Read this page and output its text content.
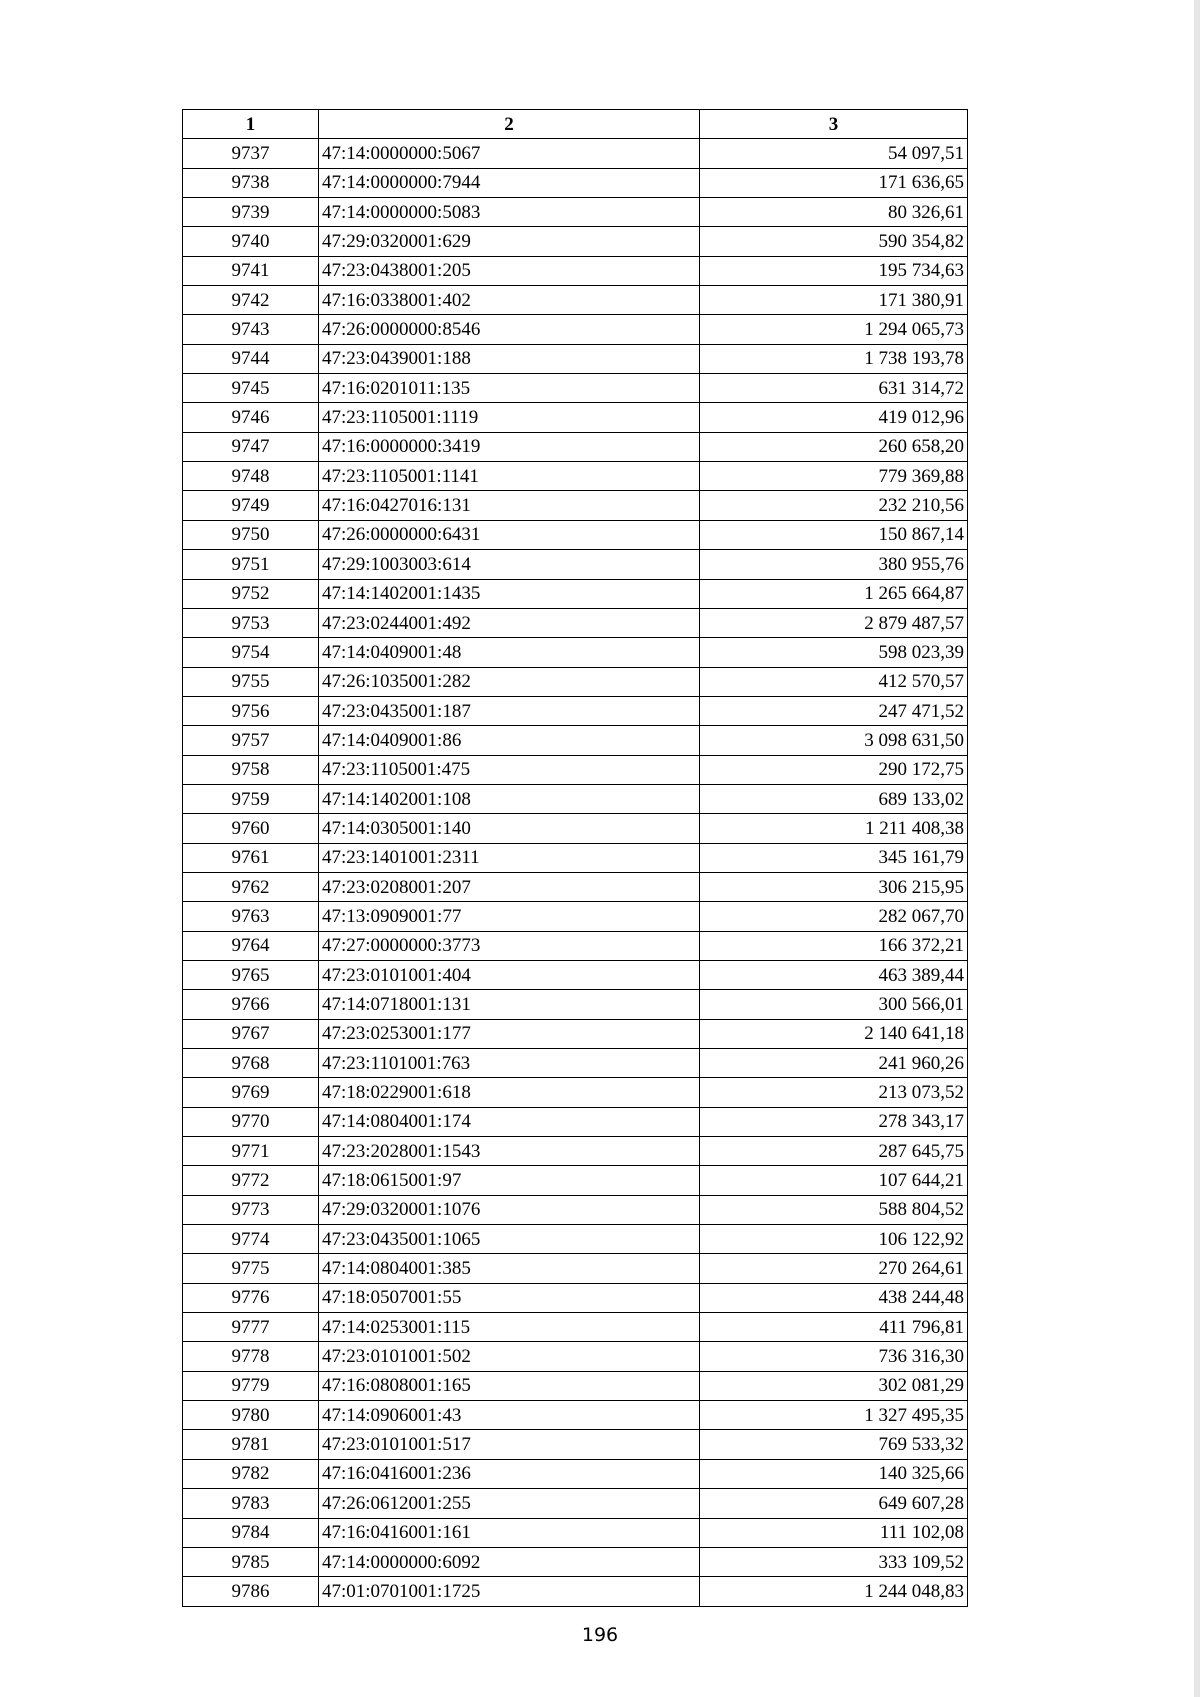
1	2	3
9737	47:14:0000000:5067	54 097,51
9738	47:14:0000000:7944	171 636,65
9739	47:14:0000000:5083	80 326,61
9740	47:29:0320001:629	590 354,82
9741	47:23:0438001:205	195 734,63
9742	47:16:0338001:402	171 380,91
9743	47:26:0000000:8546	1 294 065,73
9744	47:23:0439001:188	1 738 193,78
9745	47:16:0201011:135	631 314,72
9746	47:23:1105001:1119	419 012,96
9747	47:16:0000000:3419	260 658,20
9748	47:23:1105001:1141	779 369,88
9749	47:16:0427016:131	232 210,56
9750	47:26:0000000:6431	150 867,14
9751	47:29:1003003:614	380 955,76
9752	47:14:1402001:1435	1 265 664,87
9753	47:23:0244001:492	2 879 487,57
9754	47:14:0409001:48	598 023,39
9755	47:26:1035001:282	412 570,57
9756	47:23:0435001:187	247 471,52
9757	47:14:0409001:86	3 098 631,50
9758	47:23:1105001:475	290 172,75
9759	47:14:1402001:108	689 133,02
9760	47:14:0305001:140	1 211 408,38
9761	47:23:1401001:2311	345 161,79
9762	47:23:0208001:207	306 215,95
9763	47:13:0909001:77	282 067,70
9764	47:27:0000000:3773	166 372,21
9765	47:23:0101001:404	463 389,44
9766	47:14:0718001:131	300 566,01
9767	47:23:0253001:177	2 140 641,18
9768	47:23:1101001:763	241 960,26
9769	47:18:0229001:618	213 073,52
9770	47:14:0804001:174	278 343,17
9771	47:23:2028001:1543	287 645,75
9772	47:18:0615001:97	107 644,21
9773	47:29:0320001:1076	588 804,52
9774	47:23:0435001:1065	106 122,92
9775	47:14:0804001:385	270 264,61
9776	47:18:0507001:55	438 244,48
9777	47:14:0253001:115	411 796,81
9778	47:23:0101001:502	736 316,30
9779	47:16:0808001:165	302 081,29
9780	47:14:0906001:43	1 327 495,35
9781	47:23:0101001:517	769 533,32
9782	47:16:0416001:236	140 325,66
9783	47:26:0612001:255	649 607,28
9784	47:16:0416001:161	111 102,08
9785	47:14:0000000:6092	333 109,52
9786	47:01:0701001:1725	1 244 048,83
196
